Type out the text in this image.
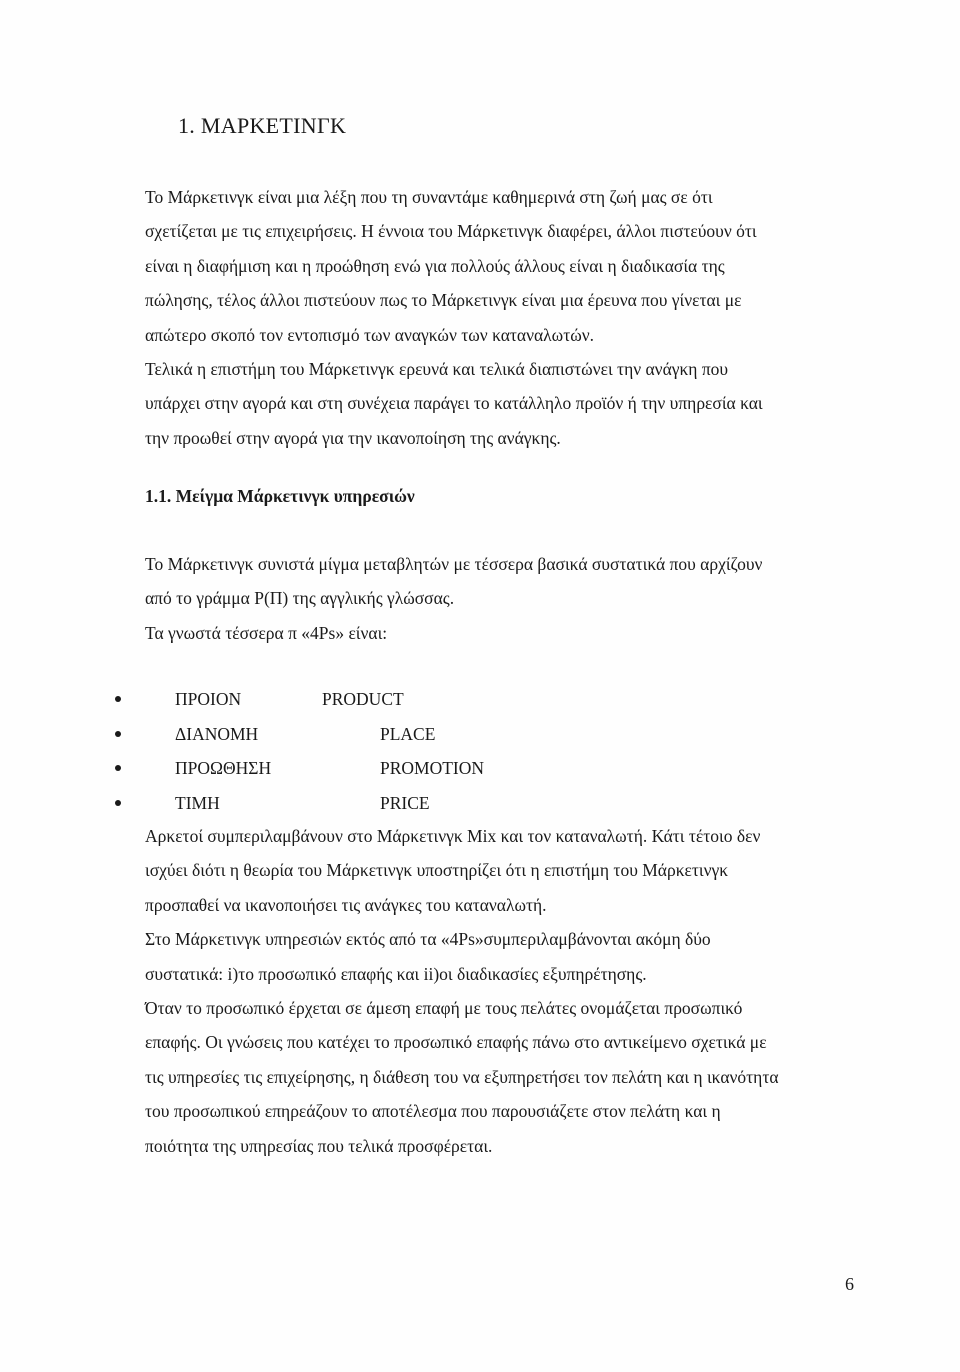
1. ΜΑΡΚΕΤΙΝΓΚ
Το Μάρκετινγκ είναι μια λέξη που τη συναντάμε καθημερινά στη ζωή μας σε ότι
σχετίζεται με τις επιχειρήσεις. Η έννοια του Μάρκετινγκ διαφέρει, άλλοι πιστεύουν ότι
είναι η διαφήμιση και η προώθηση ενώ για πολλούς άλλους είναι η διαδικασία της
πώλησης, τέλος άλλοι πιστεύουν πως το Μάρκετινγκ είναι μια έρευνα που γίνεται με
απώτερο σκοπό τον εντοπισμό των αναγκών των καταναλωτών.
Τελικά η επιστήμη του Μάρκετινγκ ερευνά και τελικά διαπιστώνει την ανάγκη που
υπάρχει στην αγορά και στη συνέχεια παράγει το κατάλληλο προϊόν ή την υπηρεσία και
την προωθεί στην αγορά για την ικανοποίηση της ανάγκης.
1.1. Μείγμα Μάρκετινγκ υπηρεσιών
Το Μάρκετινγκ συνιστά μίγμα μεταβλητών με τέσσερα βασικά συστατικά που αρχίζουν
από το γράμμα Ρ(Π) της αγγλικής γλώσσας.
Τα γνωστά τέσσερα π «4Ps» είναι:
ΠΡΟΙΟΝ	PRODUCT
ΔΙΑΝΟΜΗ	PLACE
ΠΡΟΩΘΗΣΗ	PROMOTION
ΤΙΜΗ	PRICE
Αρκετοί συμπεριλαμβάνουν στο Μάρκετινγκ Mix και τον καταναλωτή. Κάτι τέτοιο δεν
ισχύει διότι η θεωρία του Μάρκετινγκ υποστηρίζει ότι η επιστήμη του Μάρκετινγκ
προσπαθεί να ικανοποιήσει τις ανάγκες του καταναλωτή.
Στο Μάρκετινγκ υπηρεσιών εκτός από τα «4Ps»συμπεριλαμβάνονται ακόμη δύο
συστατικά: i)το προσωπικό επαφής και ii)οι διαδικασίες εξυπηρέτησης.
Όταν το προσωπικό έρχεται σε άμεση επαφή με τους πελάτες ονομάζεται προσωπικό
επαφής. Οι γνώσεις που κατέχει το προσωπικό επαφής πάνω στο αντικείμενο σχετικά με
τις υπηρεσίες τις επιχείρησης, η διάθεση του να εξυπηρετήσει τον πελάτη και η ικανότητα
του προσωπικού επηρεάζουν το αποτέλεσμα που παρουσιάζετε στον πελάτη και η
ποιότητα της υπηρεσίας που τελικά προσφέρεται.

6
